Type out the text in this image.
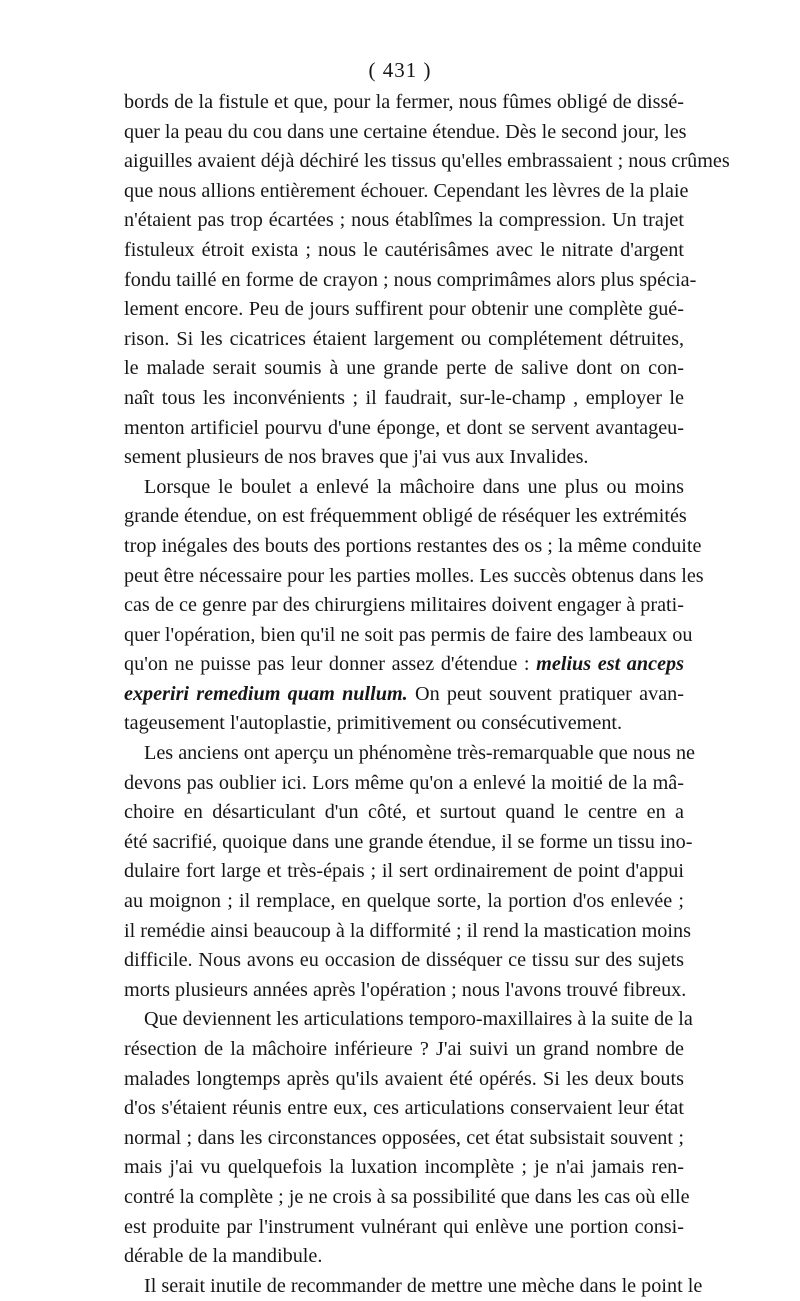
( 431 )
bords de la fistule et que, pour la fermer, nous fûmes obligé de dissé-
quer la peau du cou dans une certaine étendue. Dès le second jour, les
aiguilles avaient déjà déchiré les tissus qu'elles embrassaient ; nous crûmes
que nous allions entièrement échouer. Cependant les lèvres de la plaie
n'étaient pas trop écartées ; nous établîmes la compression. Un trajet
fistuleux étroit exista ; nous le cautérisâmes avec le nitrate d'argent
fondu taillé en forme de crayon ; nous comprimâmes alors plus spécia-
lement encore. Peu de jours suffirent pour obtenir une complète gué-
rison. Si les cicatrices étaient largement ou complétement détruites,
le malade serait soumis à une grande perte de salive dont on con-
naît tous les inconvénients ; il faudrait, sur-le-champ , employer le
menton artificiel pourvu d'une éponge, et dont se servent avantageu-
sement plusieurs de nos braves que j'ai vus aux Invalides.
Lorsque le boulet a enlevé la mâchoire dans une plus ou moins
grande étendue, on est fréquemment obligé de réséquer les extrémités
trop inégales des bouts des portions restantes des os ; la même conduite
peut être nécessaire pour les parties molles. Les succès obtenus dans les
cas de ce genre par des chirurgiens militaires doivent engager à prati-
quer l'opération, bien qu'il ne soit pas permis de faire des lambeaux ou
qu'on ne puisse pas leur donner assez d'étendue : melius est anceps
experiri remedium quam nullum. On peut souvent pratiquer avan-
tageusement l'autoplastie, primitivement ou consécutivement.
Les anciens ont aperçu un phénomène très-remarquable que nous ne
devons pas oublier ici. Lors même qu'on a enlevé la moitié de la mâ-
choire en désarticulant d'un côté, et surtout quand le centre en a
été sacrifié, quoique dans une grande étendue, il se forme un tissu ino-
dulaire fort large et très-épais ; il sert ordinairement de point d'appui
au moignon ; il remplace, en quelque sorte, la portion d'os enlevée ;
il remédie ainsi beaucoup à la difformité ; il rend la mastication moins
difficile. Nous avons eu occasion de disséquer ce tissu sur des sujets
morts plusieurs années après l'opération ; nous l'avons trouvé fibreux.
Que deviennent les articulations temporo-maxillaires à la suite de la
résection de la mâchoire inférieure ? J'ai suivi un grand nombre de
malades longtemps après qu'ils avaient été opérés. Si les deux bouts
d'os s'étaient réunis entre eux, ces articulations conservaient leur état
normal ; dans les circonstances opposées, cet état subsistait souvent ;
mais j'ai vu quelquefois la luxation incomplète ; je n'ai jamais ren-
contré la complète ; je ne crois à sa possibilité que dans les cas où elle
est produite par l'instrument vulnérant qui enlève une portion consi-
dérable de la mandibule.
Il serait inutile de recommander de mettre une mèche dans le point le
